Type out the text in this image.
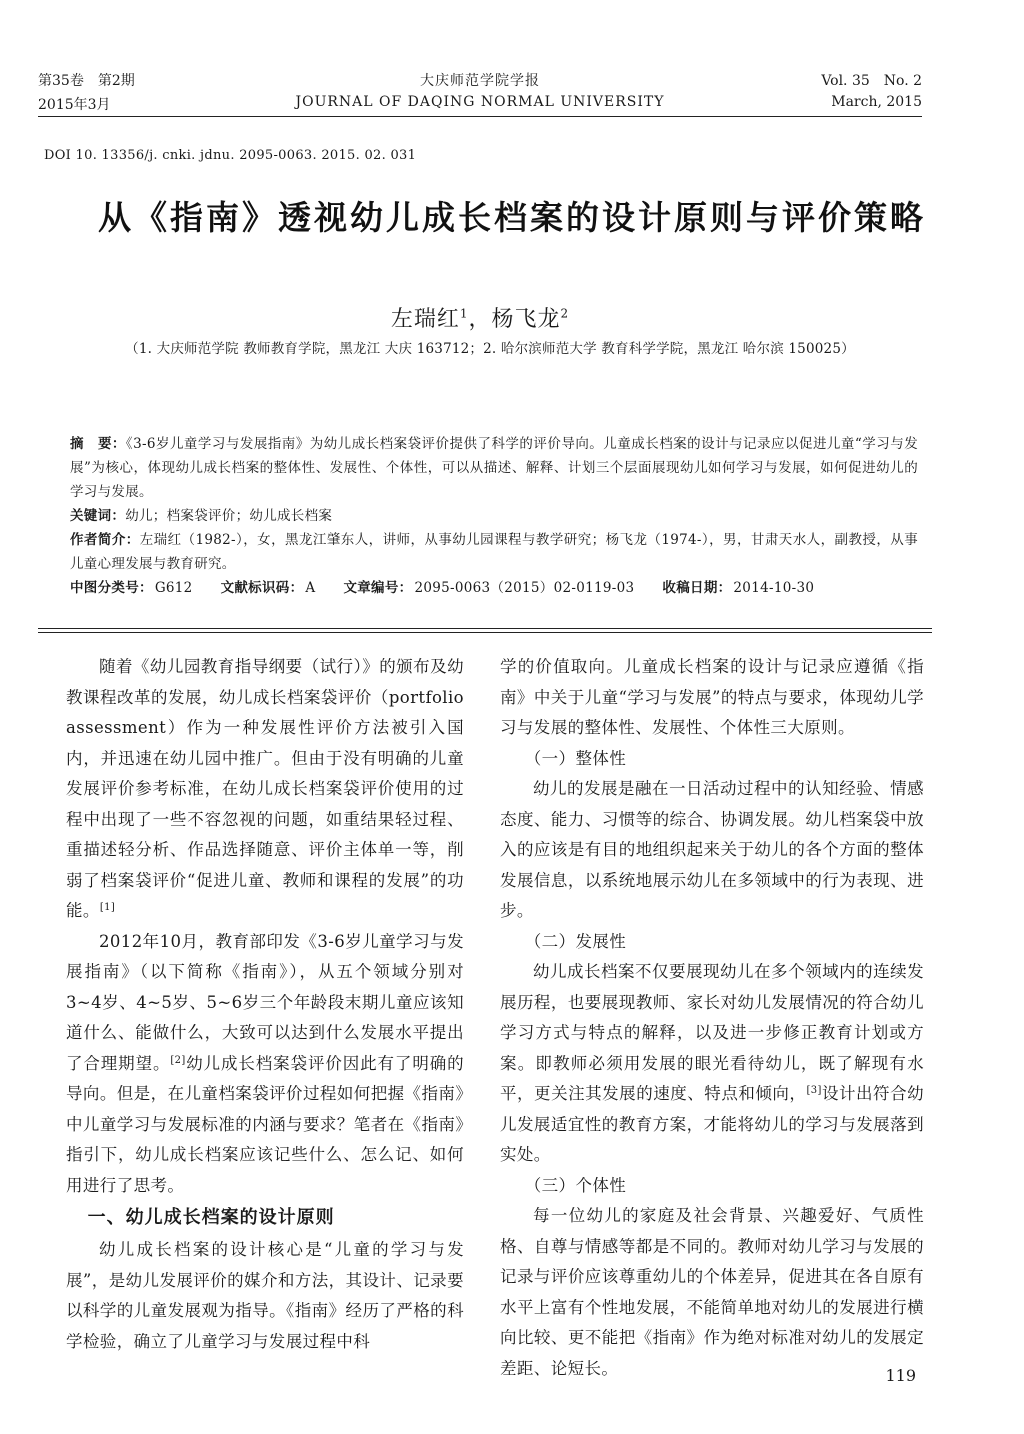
第35卷　第2期	大庆师范学院学报	Vol. 35　No. 2
2015年3月	JOURNAL OF DAQING NORMAL UNIVERSITY	March, 2015
DOI 10. 13356/j. cnki. jdnu. 2095-0063. 2015. 02. 031
从《指南》透视幼儿成长档案的设计原则与评价策略
左瑞红$^1$，杨飞龙$^2$
（1. 大庆师范学院 教师教育学院，黑龙江 大庆 163712；2. 哈尔滨师范大学 教育科学学院，黑龙江 哈尔滨 150025）

摘　要：《3-6岁儿童学习与发展指南》为幼儿成长档案袋评价提供了科学的评价导向。儿童成长档案的设计与记录应以促进儿童“学习与发展”为核心，体现幼儿成长档案的整体性、发展性、个体性，可以从描述、解释、计划三个层面展现幼儿如何学习与发展，如何促进幼儿的学习与发展。

关键词：幼儿；档案袋评价；幼儿成长档案

作者简介：左瑞红（1982-），女，黑龙江肇东人，讲师，从事幼儿园课程与教学研究；杨飞龙（1974-），男，甘肃天水人，副教授，从事儿童心理发展与教育研究。

中图分类号： G612 文献标识码： A 文章编号： 2095-0063（2015）02-0119-03 收稿日期： 2014-10-30

随着《幼儿园教育指导纲要（试行）》的颁布及幼教课程改革的发展，幼儿成长档案袋评价（portfolio assessment）作为一种发展性评价方法被引入国内，并迅速在幼儿园中推广。但由于没有明确的儿童发展评价参考标准，在幼儿成长档案袋评价使用的过程中出现了一些不容忽视的问题，如重结果轻过程、重描述轻分析、作品选择随意、评价主体单一等，削弱了档案袋评价“促进儿童、教师和课程的发展”的功能。[1]

2012年10月，教育部印发《3-6岁儿童学习与发展指南》（以下简称《指南》），从五个领域分别对3~4岁、4~5岁、5~6岁三个年龄段末期儿童应该知道什么、能做什么，大致可以达到什么发展水平提出了合理期望。[2]幼儿成长档案袋评价因此有了明确的导向。但是，在儿童档案袋评价过程如何把握《指南》中儿童学习与发展标准的内涵与要求？笔者在《指南》指引下，幼儿成长档案应该记些什么、怎么记、如何用进行了思考。

一、幼儿成长档案的设计原则

幼儿成长档案的设计核心是“儿童的学习与发展”，是幼儿发展评价的媒介和方法，其设计、记录要以科学的儿童发展观为指导。《指南》经历了严格的科学检验，确立了儿童学习与发展过程中科

学的价值取向。儿童成长档案的设计与记录应遵循《指南》中关于儿童“学习与发展”的特点与要求，体现幼儿学习与发展的整体性、发展性、个体性三大原则。

（一）整体性

幼儿的发展是融在一日活动过程中的认知经验、情感态度、能力、习惯等的综合、协调发展。幼儿档案袋中放入的应该是有目的地组织起来关于幼儿的各个方面的整体发展信息，以系统地展示幼儿在多领域中的行为表现、进步。

（二）发展性

幼儿成长档案不仅要展现幼儿在多个领域内的连续发展历程，也要展现教师、家长对幼儿发展情况的符合幼儿学习方式与特点的解释，以及进一步修正教育计划或方案。即教师必须用发展的眼光看待幼儿，既了解现有水平，更关注其发展的速度、特点和倾向，[3]设计出符合幼儿发展适宜性的教育方案，才能将幼儿的学习与发展落到实处。

（三）个体性

每一位幼儿的家庭及社会背景、兴趣爱好、气质性格、自尊与情感等都是不同的。教师对幼儿学习与发展的记录与评价应该尊重幼儿的个体差异，促进其在各自原有水平上富有个性地发展，不能简单地对幼儿的发展进行横向比较、更不能把《指南》作为绝对标准对幼儿的发展定差距、论短长。	119
